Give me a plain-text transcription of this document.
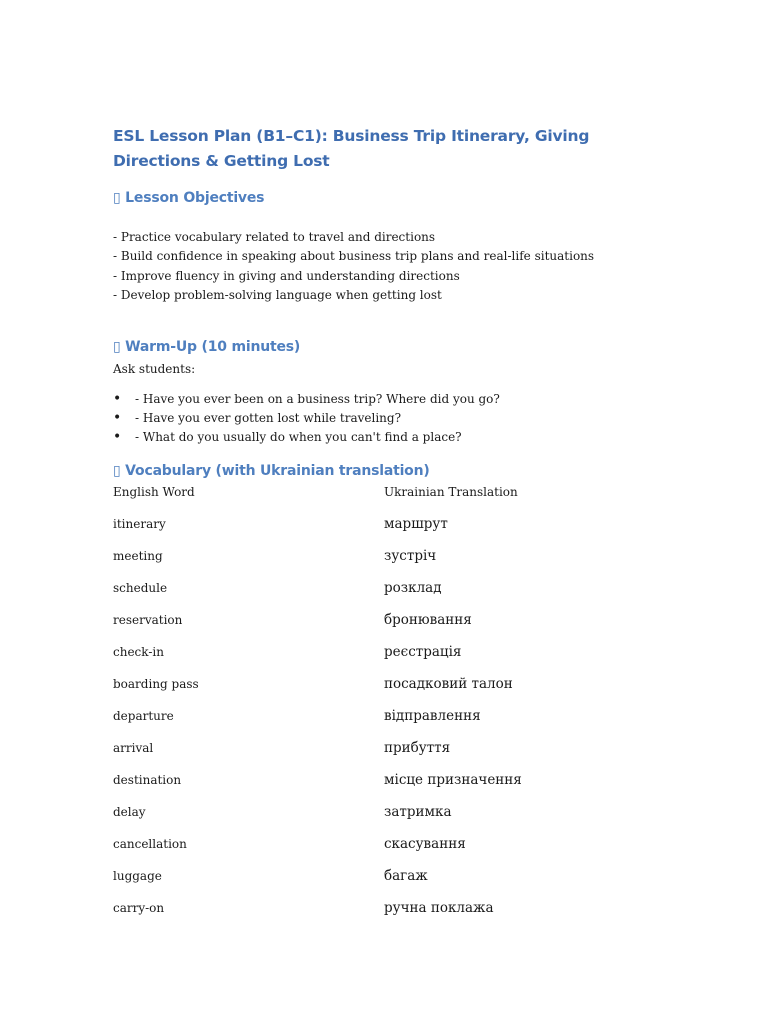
ESL Lesson Plan (B1–C1): Business Trip Itinerary, Giving Directions & Getting Lost
▯ Lesson Objectives
- Practice vocabulary related to travel and directions
- Build confidence in speaking about business trip plans and real-life situations
- Improve fluency in giving and understanding directions
- Develop problem-solving language when getting lost
▯ Warm-Up (10 minutes)
Ask students:
• - Have you ever been on a business trip? Where did you go?
• - Have you ever gotten lost while traveling?
• - What do you usually do when you can't find a place?
▯ Vocabulary (with Ukrainian translation)
English Word	Ukrainian Translation
itinerary	маршрут
meeting	зустріч
schedule	розклад
reservation	бронювання
check-in	реєстрація
boarding pass	посадковий талон
departure	відправлення
arrival	прибуття
destination	місце призначення
delay	затримка
cancellation	скасування
luggage	багаж
carry-on	ручна поклажа
